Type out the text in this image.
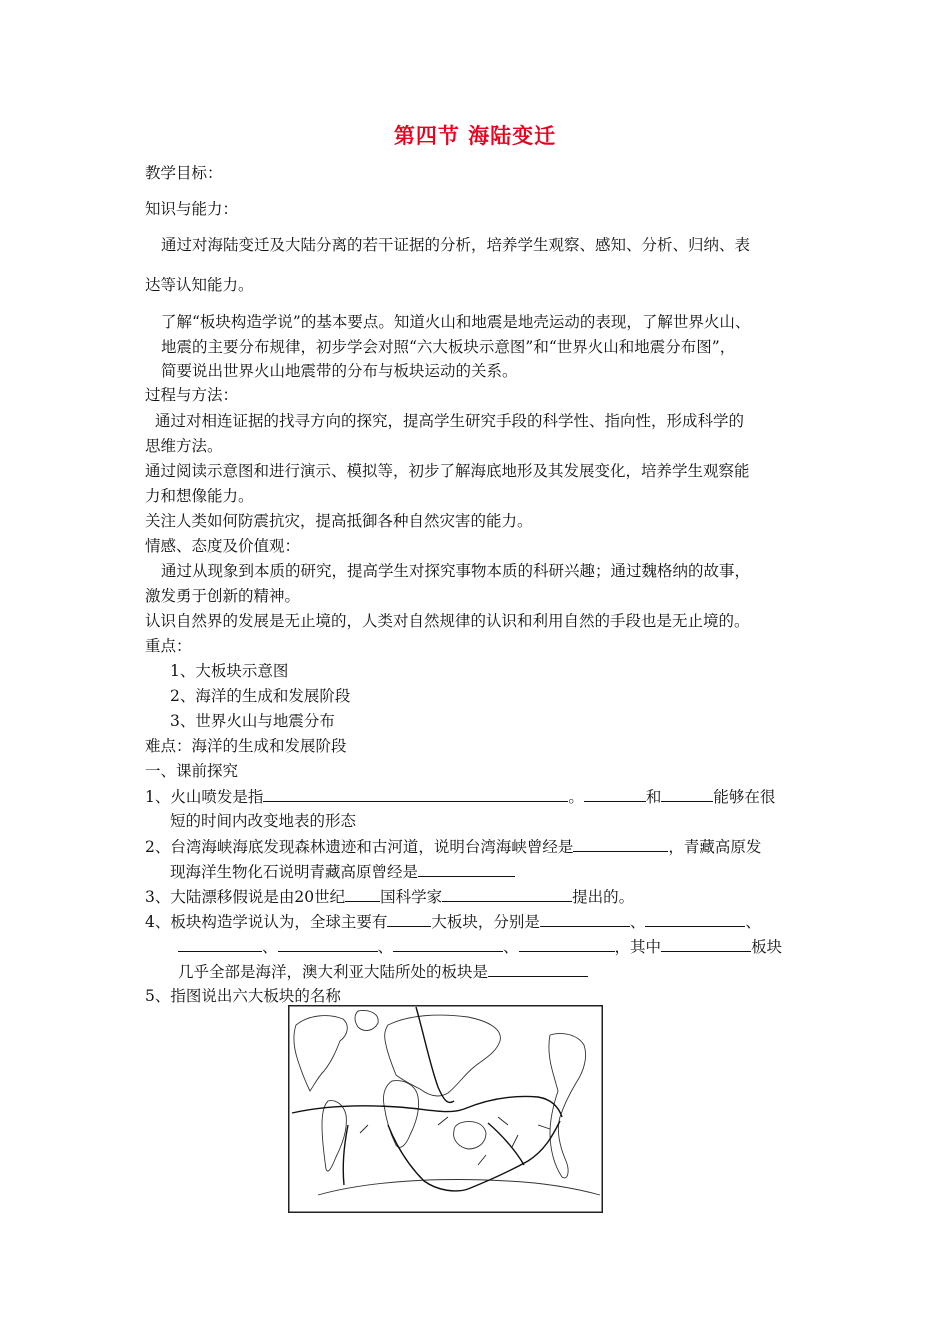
第四节 海陆变迁
教学目标：
知识与能力：
通过对海陆变迁及大陆分离的若干证据的分析，培养学生观察、感知、分析、归纳、表
达等认知能力。
了解“板块构造学说”的基本要点。知道火山和地震是地壳运动的表现，了解世界火山、
地震的主要分布规律，初步学会对照“六大板块示意图”和“世界火山和地震分布图”，
简要说出世界火山地震带的分布与板块运动的关系。
过程与方法：
通过对相连证据的找寻方向的探究，提高学生研究手段的科学性、指向性，形成科学的
思维方法。
通过阅读示意图和进行演示、模拟等，初步了解海底地形及其发展变化，培养学生观察能
力和想像能力。
关注人类如何防震抗灾，提高抵御各种自然灾害的能力。
情感、态度及价值观：
通过从现象到本质的研究，提高学生对探究事物本质的科研兴趣；通过魏格纳的故事，
激发勇于创新的精神。
认识自然界的发展是无止境的，人类对自然规律的认识和利用自然的手段也是无止境的。
重点：
1、大板块示意图
2、海洋的生成和发展阶段
3、世界火山与地震分布
难点：海洋的生成和发展阶段
一、课前探究
1、火山喷发是指	。	和	能够在很
短的时间内改变地表的形态
2、台湾海峡海底发现森林遗迹和古河道，说明台湾海峡曾经是	，青藏高原发
现海洋生物化石说明青藏高原曾经是
3、大陆漂移假说是由20世纪 国科学家	提出的。
4、板块构造学说认为，全球主要有	大板块，分别是	、	、
、	、	、	，其中	板块
几乎全部是海洋，澳大利亚大陆所处的板块是
5、指图说出六大板块的名称
